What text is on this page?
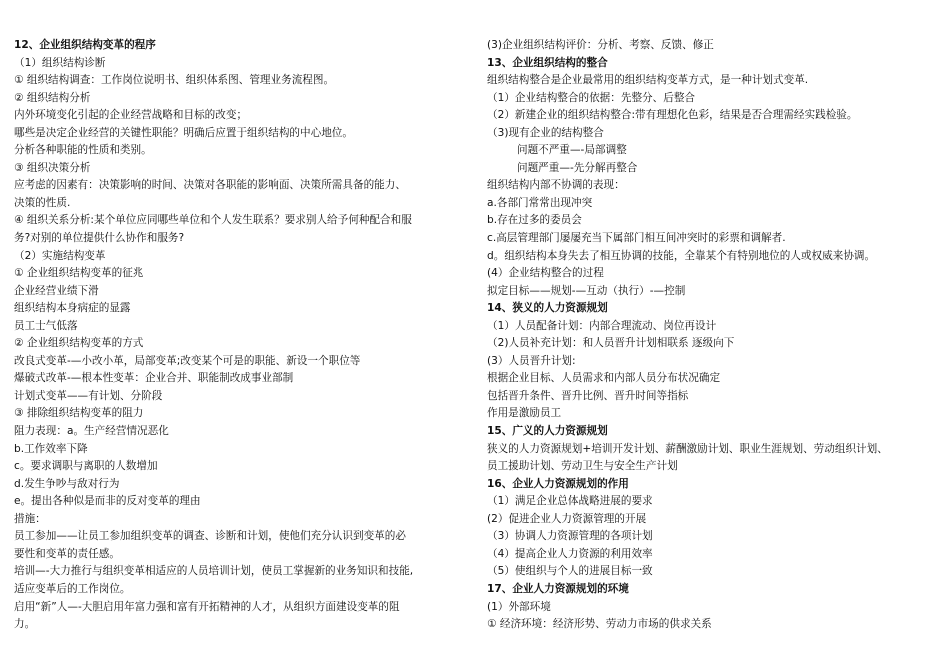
12、企业组织结构变革的程序
（1）组织结构诊断
① 组织结构调查：工作岗位说明书、组织体系图、管理业务流程图。
② 组织结构分析
内外环境变化引起的企业经营战略和目标的改变；
哪些是决定企业经营的关键性职能？明确后应置于组织结构的中心地位。
分析各种职能的性质和类别。
③ 组织决策分析
应考虑的因素有：决策影响的时间、决策对各职能的影响面、决策所需具备的能力、
决策的性质.
④ 组织关系分析:某个单位应同哪些单位和个人发生联系？要求别人给予何种配合和服
务?对别的单位提供什么协作和服务?
（2）实施结构变革
① 企业组织结构变革的征兆
企业经营业绩下滑
组织结构本身病症的显露
员工士气低落
② 企业组织结构变革的方式
改良式变革-—小改小革，局部变革;改变某个可是的职能、新设一个职位等
爆破式改革-—根本性变革：企业合并、职能制改成事业部制
计划式变革——有计划、分阶段
③ 排除组织结构变革的阻力
阻力表现：a。生产经营情况恶化
b.工作效率下降
c。要求调职与离职的人数增加
d.发生争吵与敌对行为
e。提出各种似是而非的反对变革的理由
措施：
员工参加——让员工参加组织变革的调查、诊断和计划，使他们充分认识到变革的必
要性和变革的责任感。
培训—-大力推行与组织变革相适应的人员培训计划，使员工掌握新的业务知识和技能,
适应变革后的工作岗位。
启用“新”人—-大胆启用年富力强和富有开拓精神的人才，从组织方面建设变革的阻
力。
(3)企业组织结构评价：分析、考察、反馈、修正
13、企业组织结构的整合
组织结构整合是企业最常用的组织结构变革方式，是一种计划式变革.
（1）企业结构整合的依据：先整分、后整合
（2）新建企业的组织结构整合:带有理想化色彩，结果是否合理需经实践检验。
（3)现有企业的结构整合
问题不严重—-局部调整
问题严重—-先分解再整合
组织结构内部不协调的表现：
a.各部门常常出现冲突
b.存在过多的委员会
c.高层管理部门屡屡充当下属部门相互间冲突时的彩票和调解者.
d。组织结构本身失去了相互协调的技能，全靠某个有特别地位的人或权威来协调。
(4）企业结构整合的过程
拟定目标——规划-—互动（执行）-—控制
14、狭义的人力资源规划
（1）人员配备计划：内部合理流动、岗位再设计
（2)人员补充计划：和人员晋升计划相联系 逐级向下
(3）人员晋升计划:
根据企业目标、人员需求和内部人员分布状况确定
包括晋升条件、晋升比例、晋升时间等指标
作用是激励员工
15、广义的人力资源规划
狭义的人力资源规划+培训开发计划、薪酬激励计划、职业生涯规划、劳动组织计划、
员工援助计划、劳动卫生与安全生产计划
16、企业人力资源规划的作用
（1）满足企业总体战略进展的要求
(2）促进企业人力资源管理的开展
（3）协调人力资源管理的各项计划
（4）提高企业人力资源的利用效率
（5）使组织与个人的进展目标一致
17、企业人力资源规划的环境
(1）外部环境
① 经济环境：经济形势、劳动力市场的供求关系
